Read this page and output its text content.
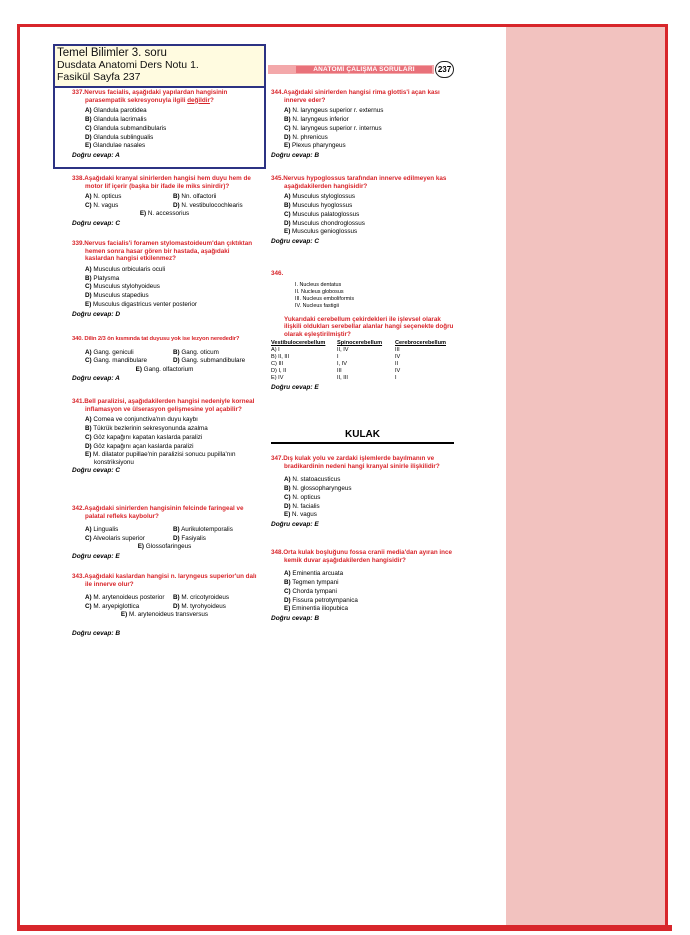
ANATOMİ ÇALIŞMA SORULARI	237
Temel Bilimler 3. soru
Dusdata Anatomi Ders Notu 1.
Fasikül Sayfa 237

337.Nervus facialis, aşağıdaki yapılardan hangisinin parasempatik sekresyonuyla ilgili değildir?

A) Glandula parotidea
B) Glandula lacrimalis
C) Glandula submandibularis
D) Glandula sublingualis
E) Glandulae nasales
Doğru cevap: A

338.Aşağıdaki kranyal sinirlerden hangisi hem duyu hem de motor lif içerir (başka bir ifade ile miks sinirdir)?

A) N. opticus	B) Nn. olfactorii
C) N. vagus	D) N. vestibulocochlearis
E) N. accessorius
Doğru cevap: C

339.Nervus facialis'i foramen stylomastoideum'dan çıktıktan hemen sonra hasar gören bir hastada, aşağıdaki kaslardan hangisi etkilenmez?

A) Musculus orbicularis oculi
B) Platysma
C) Musculus stylohyoideus
D) Musculus stapedius
E) Musculus digastricus venter posterior
Doğru cevap: D

340. Dilin 2/3 ön kısmında tat duyusu yok ise lezyon nerededir?

A) Gang. geniculi	B) Gang. oticum
C) Gang. mandibulare	D) Gang. submandibulare
E) Gang. olfactorium
Doğru cevap: A

341.Bell paralizisi, aşağıdakilerden hangisi nedeniyle korneal inflamasyon ve ülserasyon gelişmesine yol açabilir?

A) Cornea ve conjunctiva'nın duyu kaybı
B) Tükrük bezlerinin sekresyonunda azalma
C) Göz kapağını kapatan kaslarda paralizi
D) Göz kapağını açan kaslarda paralizi
E) M. dilatator pupillae'nin paralizisi sonucu pupilla'nın konstriksiyonu
Doğru cevap: C

342.Aşağıdaki sinirlerden hangisinin felcinde faringeal ve palatal refleks kaybolur?

A) Lingualis	B) Aurikulotemporalis
C) Alveolaris superior	D) Fasiyalis
E) Glossofaringeus
Doğru cevap: E

343.Aşağıdaki kaslardan hangisi n. laryngeus superior'un dalı ile innerve olur?

A) M. arytenoideus posterior	B) M. cricotyroideus
C) M. aryepiglottica	D) M. tyrohyoideus
E) M. arytenoideus transversus
Doğru cevap: B

344.Aşağıdaki sinirlerden hangisi rima glottis'i açan kası innerve eder?

A) N. laryngeus superior r. externus
B) N. laryngeus inferior
C) N. laryngeus superior r. internus
D) N. phrenicus
E) Plexus pharyngeus
Doğru cevap: B

345.Nervus hypoglossus tarafından innerve edilmeyen kas aşağıdakilerden hangisidir?

A) Musculus styloglossus
B) Musculus hyoglossus
C) Musculus palatoglossus
D) Musculus chondroglossus
E) Musculus genioglossus
Doğru cevap: C

346.

I. Nucleus dentatus
II. Nucleus globosus
III. Nucleus emboliformis
IV. Nucleus fastigii

Yukarıdaki cerebellum çekirdekleri ile işlevsel olarak ilişkili oldukları serebellar alanlar hangi seçenekte doğru olarak eşleştirilmiştir?

Vestibulocerebellum	Spinocerebellum	Cerebrocerebellum
A) I	II, IV	III
B) II, III	I	IV
C) III	I, IV	II
D) I, II	III	IV
E) IV	II, III	I
Doğru cevap: E
KULAK

347.Dış kulak yolu ve zardaki işlemlerde bayılmanın ve bradikardinin nedeni hangi kranyal sinirle ilişkilidir?

A) N. statoacusticus
B) N. glossopharyngeus
C) N. opticus
D) N. facialis
E) N. vagus
Doğru cevap: E

348.Orta kulak boşluğunu fossa cranii media'dan ayıran ince kemik duvar aşağıdakilerden hangisidir?

A) Eminentia arcuata
B) Tegmen tympani
C) Chorda tympani
D) Fissura petrotympanica
E) Eminentia iliopubica
Doğru cevap: B
